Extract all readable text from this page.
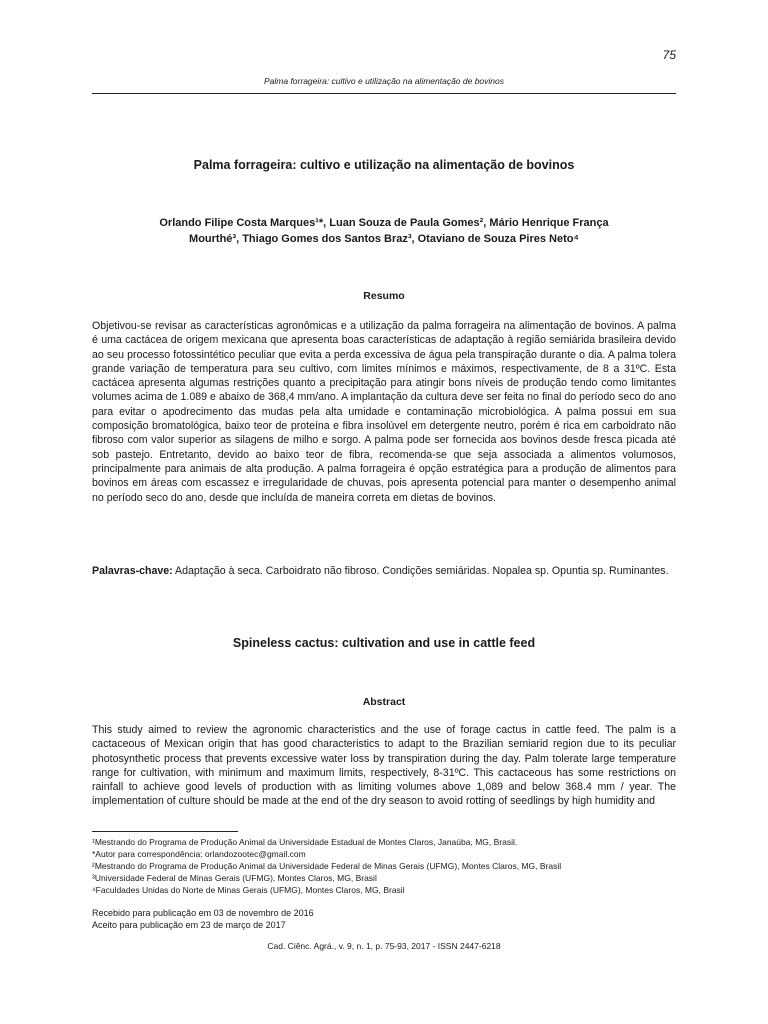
75
Palma forrageira: cultivo e utilização na alimentação de bovinos
Palma forrageira: cultivo e utilização na alimentação de bovinos
Orlando Filipe Costa Marques¹*, Luan Souza de Paula Gomes², Mário Henrique França
Mourthé³, Thiago Gomes dos Santos Braz³, Otaviano de Souza Pires Neto⁴
Resumo
Objetivou-se revisar as características agronômicas e a utilização da palma forrageira na alimentação de bovinos. A palma é uma cactácea de origem mexicana que apresenta boas características de adaptação à região semiárida brasileira devido ao seu processo fotossintético peculiar que evita a perda excessiva de água pela transpiração durante o dia. A palma tolera grande variação de temperatura para seu cultivo, com limites mínimos e máximos, respectivamente, de 8 a 31ºC. Esta cactácea apresenta algumas restrições quanto a precipitação para atingir bons níveis de produção tendo como limitantes volumes acima de 1.089 e abaixo de 368,4 mm/ano. A implantação da cultura deve ser feita no final do período seco do ano para evitar o apodrecimento das mudas pela alta umidade e contaminação microbiológica. A palma possui em sua composição bromatológica, baixo teor de proteína e fibra insolúvel em detergente neutro, porém é rica em carboidrato não fibroso com valor superior as silagens de milho e sorgo. A palma pode ser fornecida aos bovinos desde fresca picada até sob pastejo. Entretanto, devido ao baixo teor de fibra, recomenda-se que seja associada a alimentos volumosos, principalmente para animais de alta produção. A palma forrageira é opção estratégica para a produção de alimentos para bovinos em áreas com escassez e irregularidade de chuvas, pois apresenta potencial para manter o desempenho animal no período seco do ano, desde que incluída de maneira correta em dietas de bovinos.
Palavras-chave: Adaptação à seca. Carboidrato não fibroso. Condições semiáridas. Nopalea sp. Opuntia sp. Ruminantes.
Spineless cactus: cultivation and use in cattle feed
Abstract
This study aimed to review the agronomic characteristics and the use of forage cactus in cattle feed. The palm is a cactaceous of Mexican origin that has good characteristics to adapt to the Brazilian semiarid region due to its peculiar photosynthetic process that prevents excessive water loss by transpiration during the day. Palm tolerate large temperature range for cultivation, with minimum and maximum limits, respectively, 8-31ºC. This cactaceous has some restrictions on rainfall to achieve good levels of production with as limiting volumes above 1,089 and below 368.4 mm / year. The implementation of culture should be made at the end of the dry season to avoid rotting of seedlings by high humidity and
¹Mestrando do Programa de Produção Animal da Universidade Estadual de Montes Claros, Janaúba, MG, Brasil.
*Autor para correspondência: orlandozootec@gmail.com
²Mestrando do Programa de Produção Animal da Universidade Federal de Minas Gerais (UFMG), Montes Claros, MG, Brasil
³Universidade Federal de Minas Gerais (UFMG), Montes Claros, MG, Brasil
⁴Faculdades Unidas do Norte de Minas Gerais (UFMG), Montes Claros, MG, Brasil
Recebido para publicação em 03 de novembro de 2016
Aceito para publicação em 23 de março de 2017
Cad. Ciênc. Agrá., v. 9, n. 1, p. 75-93, 2017 - ISSN 2447-6218
